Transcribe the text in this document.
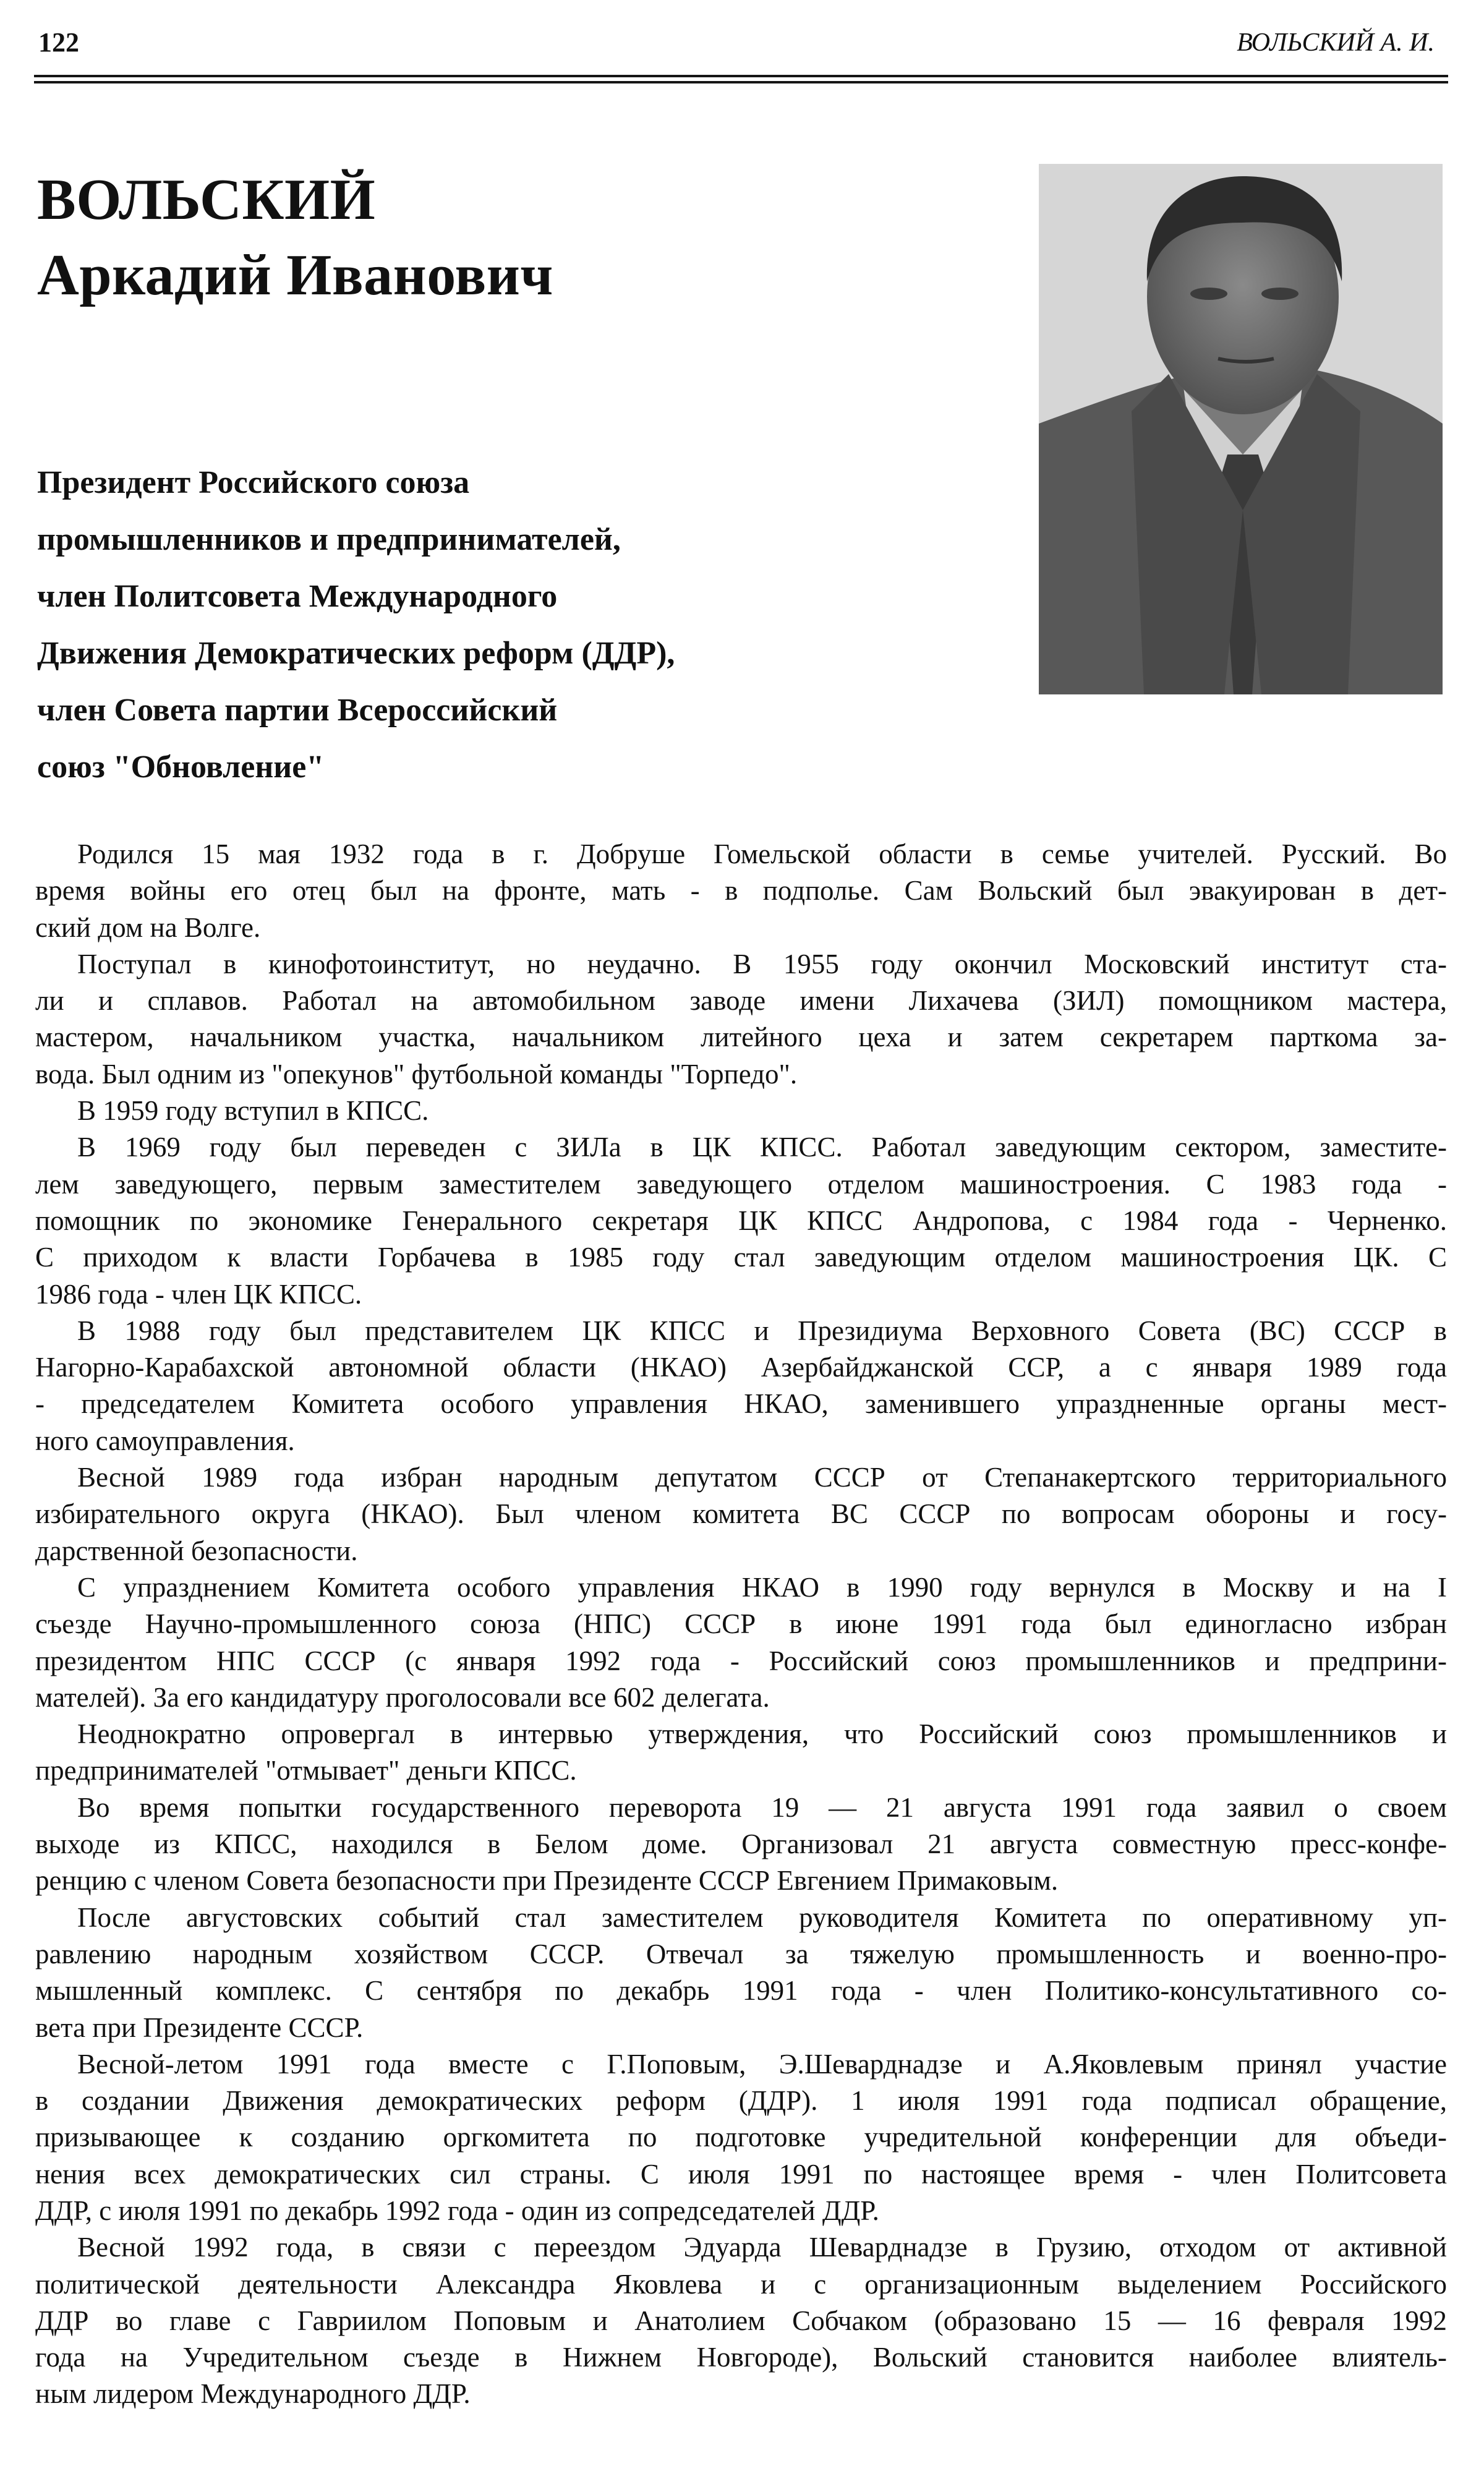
122	ВОЛЬСКИЙ А. И.
ВОЛЬСКИЙ
Аркадий Иванович
Президент Российского союза
промышленников и предпринимателей,
член Политсовета Международного
Движения Демократических реформ (ДДР),
член Совета партии Всероссийский
союз "Обновление"
Родился 15 мая 1932 года в г. Добруше Гомельской области в семье учителей. Русский. Во
время войны его отец был на фронте, мать - в подполье. Сам Вольский был эвакуирован в дет-
ский дом на Волге.
Поступал в кинофотоинститут, но неудачно. В 1955 году окончил Московский институт ста-
ли и сплавов. Работал на автомобильном заводе имени Лихачева (ЗИЛ) помощником мастера,
мастером, начальником участка, начальником литейного цеха и затем секретарем парткома за-
вода. Был одним из "опекунов" футбольной команды "Торпедо".
В 1959 году вступил в КПСС.
В 1969 году был переведен с ЗИЛа в ЦК КПСС. Работал заведующим сектором, заместите-
лем заведующего, первым заместителем заведующего отделом машиностроения. С 1983 года -
помощник по экономике Генерального секретаря ЦК КПСС Андропова, с 1984 года - Черненко.
С приходом к власти Горбачева в 1985 году стал заведующим отделом машиностроения ЦК. С
1986 года - член ЦК КПСС.
В 1988 году был представителем ЦК КПСС и Президиума Верховного Совета (ВС) СССР в
Нагорно-Карабахской автономной области (НКАО) Азербайджанской ССР, а с января 1989 года
- председателем Комитета особого управления НКАО, заменившего упраздненные органы мест-
ного самоуправления.
Весной 1989 года избран народным депутатом СССР от Степанакертского территориального
избирательного округа (НКАО). Был членом комитета ВС СССР по вопросам обороны и госу-
дарственной безопасности.
С упразднением Комитета особого управления НКАО в 1990 году вернулся в Москву и на I
съезде Научно-промышленного союза (НПС) СССР в июне 1991 года был единогласно избран
президентом НПС СССР (с января 1992 года - Российский союз промышленников и предприни-
мателей). За его кандидатуру проголосовали все 602 делегата.
Неоднократно опровергал в интервью утверждения, что Российский союз промышленников и
предпринимателей "отмывает" деньги КПСС.
Во время попытки государственного переворота 19 — 21 августа 1991 года заявил о своем
выходе из КПСС, находился в Белом доме. Организовал 21 августа совместную пресс-конфе-
ренцию с членом Совета безопасности при Президенте СССР Евгением Примаковым.
После августовских событий стал заместителем руководителя Комитета по оперативному уп-
равлению народным хозяйством СССР. Отвечал за тяжелую промышленность и военно-про-
мышленный комплекс. С сентября по декабрь 1991 года - член Политико-консультативного со-
вета при Президенте СССР.
Весной-летом 1991 года вместе с Г.Поповым, Э.Шеварднадзе и А.Яковлевым принял участие
в создании Движения демократических реформ (ДДР). 1 июля 1991 года подписал обращение,
призывающее к созданию оргкомитета по подготовке учредительной конференции для объеди-
нения всех демократических сил страны. С июля 1991 по настоящее время - член Политсовета
ДДР, с июля 1991 по декабрь 1992 года - один из сопредседателей ДДР.
Весной 1992 года, в связи с переездом Эдуарда Шеварднадзе в Грузию, отходом от активной
политической деятельности Александра Яковлева и с организационным выделением Российского
ДДР во главе с Гавриилом Поповым и Анатолием Собчаком (образовано 15 — 16 февраля 1992
года на Учредительном съезде в Нижнем Новгороде), Вольский становится наиболее влиятель-
ным лидером Международного ДДР.
